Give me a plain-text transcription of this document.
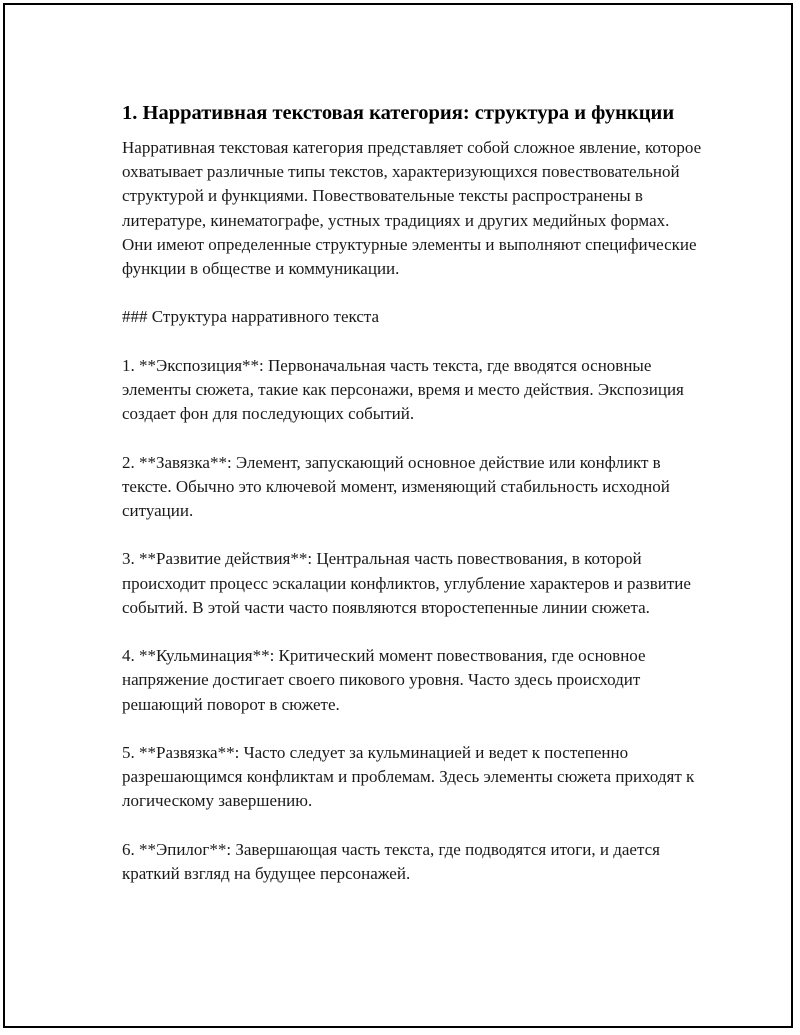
1. Нарративная текстовая категория: структура и функции

Нарративная текстовая категория представляет собой сложное явление, которое охватывает различные типы текстов, характеризующихся повествовательной структурой и функциями. Повествовательные тексты распространены в литературе, кинематографе, устных традициях и других медийных формах. Они имеют определенные структурные элементы и выполняют специфические функции в обществе и коммуникации.

### Структура нарративного текста

1. **Экспозиция**: Первоначальная часть текста, где вводятся основные элементы сюжета, такие как персонажи, время и место действия. Экспозиция создает фон для последующих событий.

2. **Завязка**: Элемент, запускающий основное действие или конфликт в тексте. Обычно это ключевой момент, изменяющий стабильность исходной ситуации.

3. **Развитие действия**: Центральная часть повествования, в которой происходит процесс эскалации конфликтов, углубление характеров и развитие событий. В этой части часто появляются второстепенные линии сюжета.

4. **Кульминация**: Критический момент повествования, где основное напряжение достигает своего пикового уровня. Часто здесь происходит решающий поворот в сюжете.

5. **Развязка**: Часто следует за кульминацией и ведет к постепенно разрешающимся конфликтам и проблемам. Здесь элементы сюжета приходят к логическому завершению.

6. **Эпилог**: Завершающая часть текста, где подводятся итоги, и дается краткий взгляд на будущее персонажей.
